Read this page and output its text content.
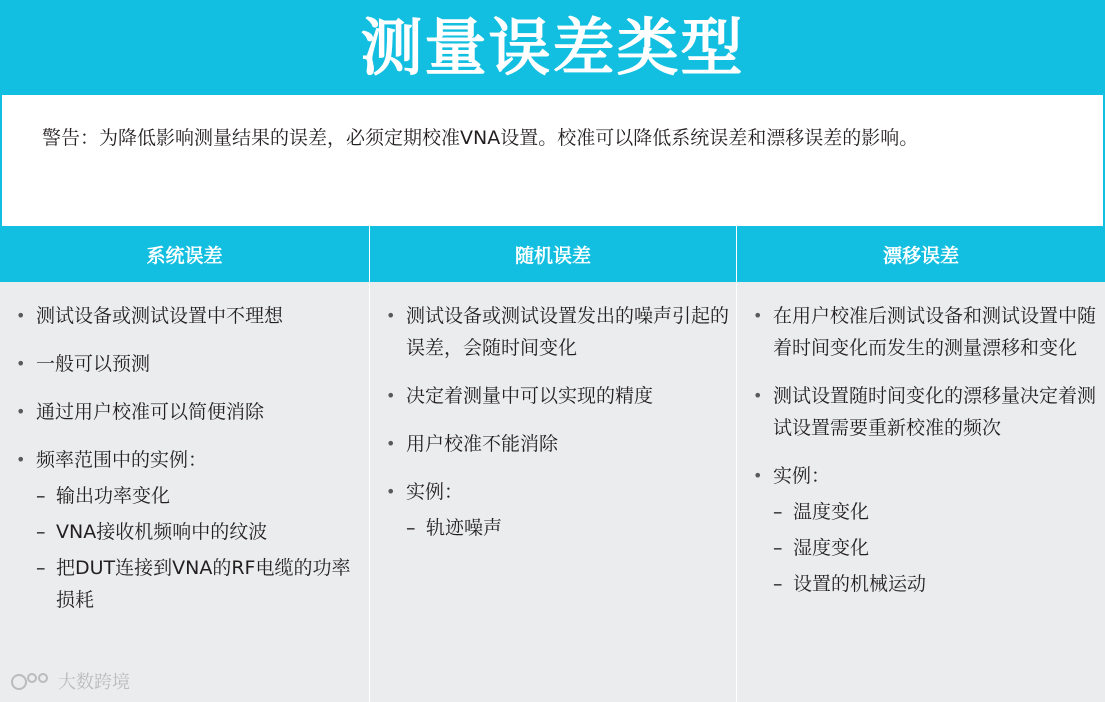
测量误差类型
警告：为降低影响测量结果的误差，必须定期校准VNA设置。校准可以降低系统误差和漂移误差的影响。
系统误差
• 测试设备或测试设置中不理想
• 一般可以预测
• 通过用户校准可以简便消除
• 频率范围中的实例：
– 输出功率变化
– VNA接收机频响中的纹波
– 把DUT连接到VNA的RF电缆的功率损耗
随机误差
• 测试设备或测试设置发出的噪声引起的误差，会随时间变化
• 决定着测量中可以实现的精度
• 用户校准不能消除
• 实例：
– 轨迹噪声
漂移误差
• 在用户校准后测试设备和测试设置中随着时间变化而发生的测量漂移和变化
• 测试设置随时间变化的漂移量决定着测试设置需要重新校准的频次
• 实例：
– 温度变化
– 湿度变化
– 设置的机械运动
大数跨境
